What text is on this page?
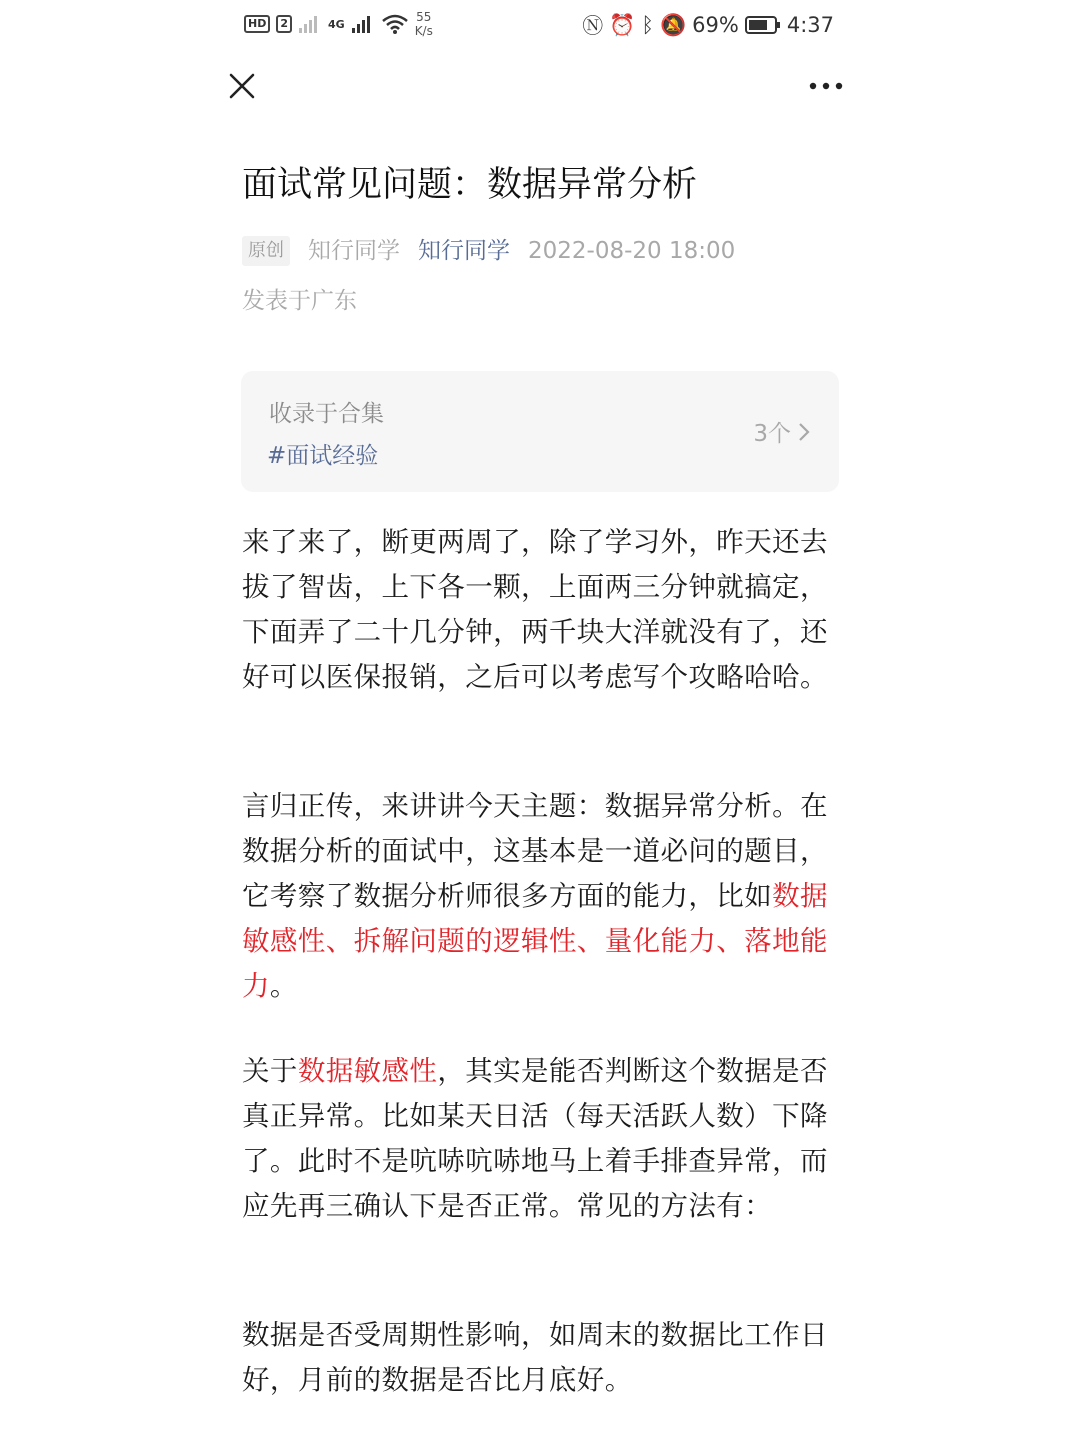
HD	2	4G	55
K/s	Ⓝ ⏰ ᛒ 🔕 69% 4:37
面试常见问题：数据异常分析
原创 知行同学 知行同学 2022-08-20 18:00
发表于广东
收录于合集
#面试经验
3个
来了来了，断更两周了，除了学习外，昨天还去拔了智齿，上下各一颗，上面两三分钟就搞定，下面弄了二十几分钟，两千块大洋就没有了，还好可以医保报销，之后可以考虑写个攻略哈哈。
言归正传，来讲讲今天主题：数据异常分析。在数据分析的面试中，这基本是一道必问的题目，它考察了数据分析师很多方面的能力，比如数据敏感性、拆解问题的逻辑性、量化能力、落地能力。
关于数据敏感性，其实是能否判断这个数据是否真正异常。比如某天日活（每天活跃人数）下降了。此时不是吭哧吭哧地马上着手排查异常，而应先再三确认下是否正常。常见的方法有：
数据是否受周期性影响，如周末的数据比工作日好，月前的数据是否比月底好。
